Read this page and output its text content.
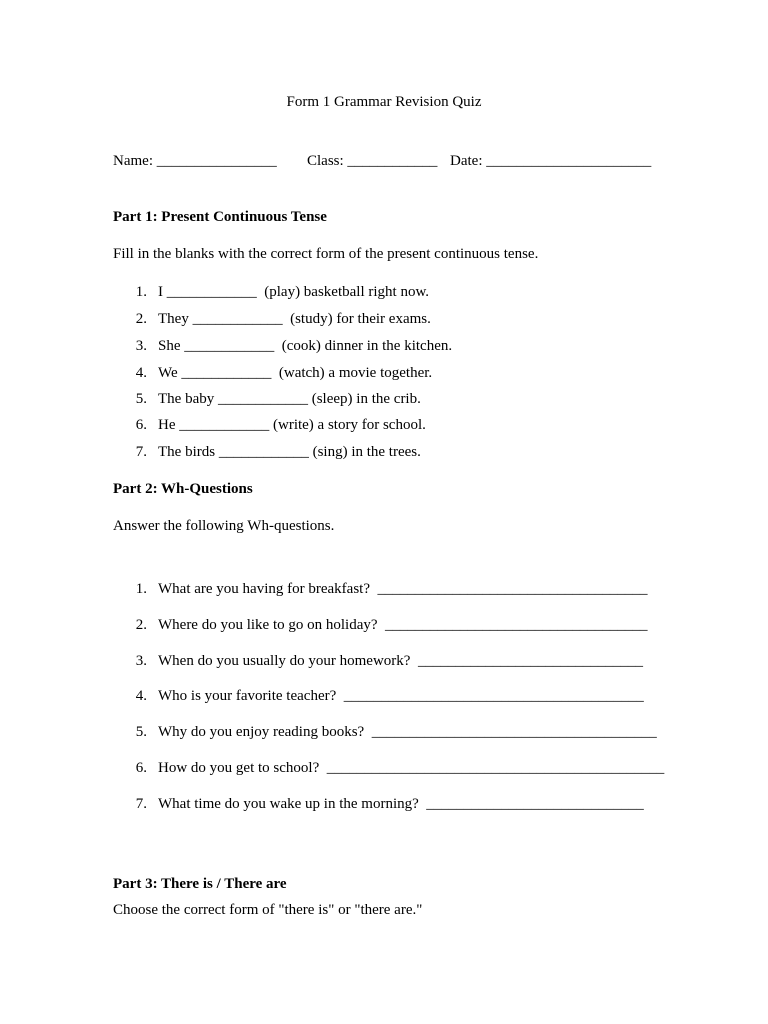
Form 1 Grammar Revision Quiz
Name: ________________ Class: ____________ Date: ______________________
Part 1: Present Continuous Tense
Fill in the blanks with the correct form of the present continuous tense.
1. I ____________  (play) basketball right now.
2. They ____________  (study) for their exams.
3. She ____________  (cook) dinner in the kitchen.
4. We ____________  (watch) a movie together.
5. The baby ____________ (sleep) in the crib.
6. He ____________ (write) a story for school.
7. The birds ____________ (sing) in the trees.
Part 2: Wh-Questions
Answer the following Wh-questions.
1. What are you having for breakfast?  ____________________________________
2. Where do you like to go on holiday?  ___________________________________
3. When do you usually do your homework?  ______________________________
4. Who is your favorite teacher?  ________________________________________
5. Why do you enjoy reading books?  ______________________________________
6. How do you get to school?  _____________________________________________
7. What time do you wake up in the morning?  _____________________________
Part 3: There is / There are
Choose the correct form of "there is" or "there are."
